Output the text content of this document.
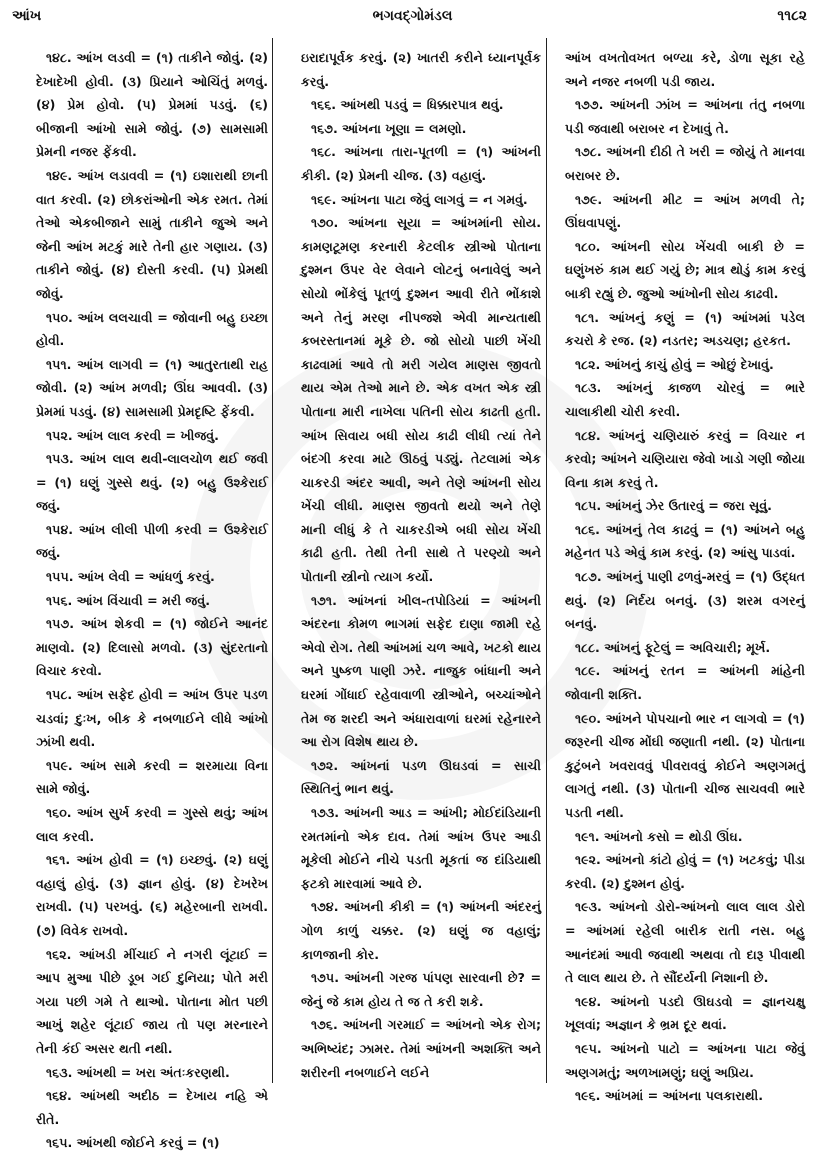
ભગવદ્ગોમંડલ
આંખ	૧૧૮૨

૧૪૮. આંખ લડવી = (૧) તાકીને જોવું. (૨) દેખાદેખી હોવી. (૩) પ્રિયાને ઓચિંતું મળવું. (૪) પ્રેમ હોવો. (૫) પ્રેમમાં પડવું. (૬) બીજાની આંખો સામે જોવું. (૭) સામસામી પ્રેમની નજર ફેંકવી.

૧૪૯. આંખ લડાવવી = (૧) ઇશારાથી છાની વાત કરવી. (૨) છોકરાંઓની એક રમત. તેમાં તેઓ એકબીજાને સામું તાકીને જુએ અને જેની આંખ મટકું મારે તેની હાર ગણાય. (૩) તાકીને જોવું. (૪) દોસ્તી કરવી. (૫) પ્રેમથી જોવું.

૧૫૦. આંખ લલચાવી = જોવાની બહુ ઇચ્છા હોવી.

૧૫૧. આંખ લાગવી = (૧) આતુરતાથી રાહ જોવી. (૨) આંખ મળવી; ઊંઘ આવવી. (૩) પ્રેમમાં પડવું. (૪) સામસામી પ્રેમદૃષ્ટિ ફેંકવી.

૧૫૨. આંખ લાલ કરવી = ખીજવું.

૧૫૩. આંખ લાલ થવી-લાલચોળ થઈ જવી = (૧) ઘણું ગુસ્સે થવું. (૨) બહુ ઉશ્કેરાઈ જવું.

૧૫૪. આંખ લીલી પીળી કરવી = ઉશ્કેરાઈ જવું.

૧૫૫. આંખ લેવી = આંધળું કરવું.

૧૫૬. આંખ વિંચાવી = મરી જવું.

૧૫૭. આંખ શેકવી = (૧) જોઈને આનંદ માણવો. (૨) દિલાસો મળવો. (૩) સુંદરતાનો વિચાર કરવો.

૧૫૮. આંખ સફેદ હોવી = આંખ ઉપર પડળ ચડવાં; દુઃખ, બીક કે નબળાઈને લીધે આંખો ઝાંખી થવી.

૧૫૯. આંખ સામે કરવી = શરમાયા વિના સામે જોવું.

૧૬૦. આંખ સુર્ખ કરવી = ગુસ્સે થવું; આંખ લાલ કરવી.

૧૬૧. આંખ હોવી = (૧) ઇચ્છવું. (૨) ઘણું વહાલું હોવું. (૩) જ્ઞાન હોવું. (૪) દેખરેખ રાખવી. (૫) પરખવું. (૬) મહેરબાની રાખવી. (૭) વિવેક રાખવો.

૧૬૨. આંખડી મીંચાઈ ને નગરી લૂંટાઈ = આપ મુઆ પીછે ડૂબ ગઈ દુનિયા; પોતે મરી ગયા પછી ગમે તે થાઓ. પોતાના મોત પછી આખું શહેર લૂંટાઈ જાય તો પણ મરનારને તેની કંઈ અસર થતી નથી.

૧૬૩. આંખથી = ખરા અંતઃકરણથી.

૧૬૪. આંખથી અદીઠ = દેખાય નહિ એ રીતે.

૧૬૫. આંખથી જોઈને કરવું = (૧)

ઇરાદાપૂર્વક કરવું. (૨) ખાતરી કરીને ધ્યાનપૂર્વક કરવું.

૧૬૬. આંખથી પડવું = ધિક્કારપાત્ર થવું.

૧૬૭. આંખના ખૂણા = લમણો.

૧૬૮. આંખના તારા-પૂતળી = (૧) આંખની કીકી. (૨) પ્રેમની ચીજ. (૩) વહાલું.

૧૬૯. આંખના પાટા જેવું લાગવું = ન ગમવું.

૧૭૦. આંખના સૂયા = આંખમાંની સોય. કામણટૂમણ કરનારી કેટલીક સ્ત્રીઓ પોતાના દુશ્મન ઉપર વેર લેવાને લોટનું બનાવેલું અને સોયો ભોંકેલું પૂતળું દુશ્મન આવી રીતે ભોંકાશે અને તેનું મરણ નીપજશે એવી માન્યતાથી કબરસ્તાનમાં મૂકે છે. જો સોયો પાછી ખેંચી કાઢવામાં આવે તો મરી ગયેલ માણસ જીવતો થાય એમ તેઓ માને છે. એક વખત એક સ્ત્રી પોતાના મારી નાખેલા પતિની સોય કાઢતી હતી. આંખ સિવાય બધી સોય કાઢી લીધી ત્યાં તેને બંદગી કરવા માટે ઊઠવું પડ્યું. તેટલામાં એક ચાકરડી અંદર આવી, અને તેણે આંખની સોય ખેંચી લીધી. માણસ જીવતો થયો અને તેણે માની લીધું કે તે ચાકરડીએ બધી સોય ખેંચી કાઢી હતી. તેથી તેની સાથે તે પરણ્યો અને પોતાની સ્ત્રીનો ત્યાગ કર્યો.

૧૭૧. આંખનાં ખીલ-તપોડિયાં = આંખની અંદરના કોમળ ભાગમાં સફેદ દાણા જામી રહે એવો રોગ. તેથી આંખમાં ચળ આવે, ખટકો થાય અને પુષ્કળ પાણી ઝરે. નાજુક બાંધાની અને ઘરમાં ગોંધાઈ રહેવાવાળી સ્ત્રીઓને, બચ્ચાંઓને તેમ જ શરદી અને અંધારાવાળાં ઘરમાં રહેનારને આ રોગ વિશેષ થાય છે.

૧૭૨. આંખનાં પડળ ઊઘડવાં = સાચી સ્થિતિનું ભાન થવું.

૧૭૩. આંખની આડ = આંખી; મોઈદાંડિયાની રમતમાંનો એક દાવ. તેમાં આંખ ઉપર આડી મૂકેલી મોઈને નીચે પડતી મૂકતાં જ દાંડિયાથી ફટકો મારવામાં આવે છે.

૧૭૪. આંખની કીકી = (૧) આંખની અંદરનું ગોળ કાળું ચક્કર. (૨) ઘણું જ વહાલું; કાળજાની કોર.

૧૭૫. આંખની ગરજ પાંપણ સારવાની છે? = જેનું જે કામ હોય તે જ તે કરી શકે.

૧૭૬. આંખની ગરમાઈ = આંખનો એક રોગ; અભિષ્યંદ; ઝામર. તેમાં આંખની અશક્તિ અને શરીરની નબળાઈને લઈને

આંખ વખતોવખત બળ્યા કરે, ડોળા સૂકા રહે અને નજર નબળી પડી જાય.

૧૭૭. આંખની ઝાંખ = આંખના તંતુ નબળા પડી જવાથી બરાબર ન દેખાવું તે.

૧૭૮. આંખની દીઠી તે ખરી = જોયું તે માનવા બરાબર છે.

૧૭૯. આંખની મીટ = આંખ મળવી તે; ઊંઘવાપણું.

૧૮૦. આંખની સોય ખેંચવી બાકી છે = ઘણુંખરું કામ થઈ ગયું છે; માત્ર થોડું કામ કરવું બાકી રહ્યું છે. જુઓ આંખોની સોય કાઢવી.

૧૮૧. આંખનું કણું = (૧) આંખમાં પડેલ કચરો કે રજ. (૨) નડતર; અડચણ; હરકત.

૧૮૨. આંખનું કાચું હોવું = ઓછું દેખાવું.

૧૮૩. આંખનું કાજળ ચોરવું = ભારે ચાલાકીથી ચોરી કરવી.

૧૮૪. આંખનું ચણિયારું કરવું = વિચાર ન કરવો; આંખને ચણિયારા જેવો ખાડો ગણી જોયા વિના કામ કરવું તે.

૧૮૫. આંખનું ઝેર ઉતારવું = જરા સૂવું.

૧૮૬. આંખનું તેલ કાઢવું = (૧) આંખને બહુ મહેનત પડે એવું કામ કરવું. (૨) આંસુ પાડવાં.

૧૮૭. આંખનું પાણી ઢળવું-મરવું = (૧) ઉદ્ધત થવું. (૨) નિર્દય બનવું. (૩) શરમ વગરનું બનવું.

૧૮૮. આંખનું ફૂટેલું = અવિચારી; મૂર્ખ.

૧૮૯. આંખનું રતન = આંખની માંહેની જોવાની શક્તિ.

૧૯૦. આંખને પોપચાનો ભાર ન લાગવો = (૧) જરૂરની ચીજ મોંઘી જણાતી નથી. (૨) પોતાના કુટુંબને ખવરાવવું પીવરાવવું કોઈને અણગમતું લાગતું નથી. (૩) પોતાની ચીજ સાચવવી ભારે પડતી નથી.

૧૯૧. આંખનો કસો = થોડી ઊંઘ.

૧૯૨. આંખનો કાંટો હોવું = (૧) ખટકવું; પીડા કરવી. (૨) દુશ્મન હોવું.

૧૯૩. આંખનો ડોરો-આંખનો લાલ લાલ ડોરો = આંખમાં રહેલી બારીક રાતી નસ. બહુ આનંદમાં આવી જવાથી અથવા તો દારૂ પીવાથી તે લાલ થાય છે. તે સૌંદર્યની નિશાની છે.

૧૯૪. આંખનો પડદો ઊઘડવો = જ્ઞાનચક્ષુ ખૂલવાં; અજ્ઞાન કે ભ્રમ દૂર થવાં.

૧૯૫. આંખનો પાટો = આંખના પાટા જેવું અણગમતું; અળખામણું; ઘણું અપ્રિય.

૧૯૬. આંખમાં = આંખના પલકારાથી.
